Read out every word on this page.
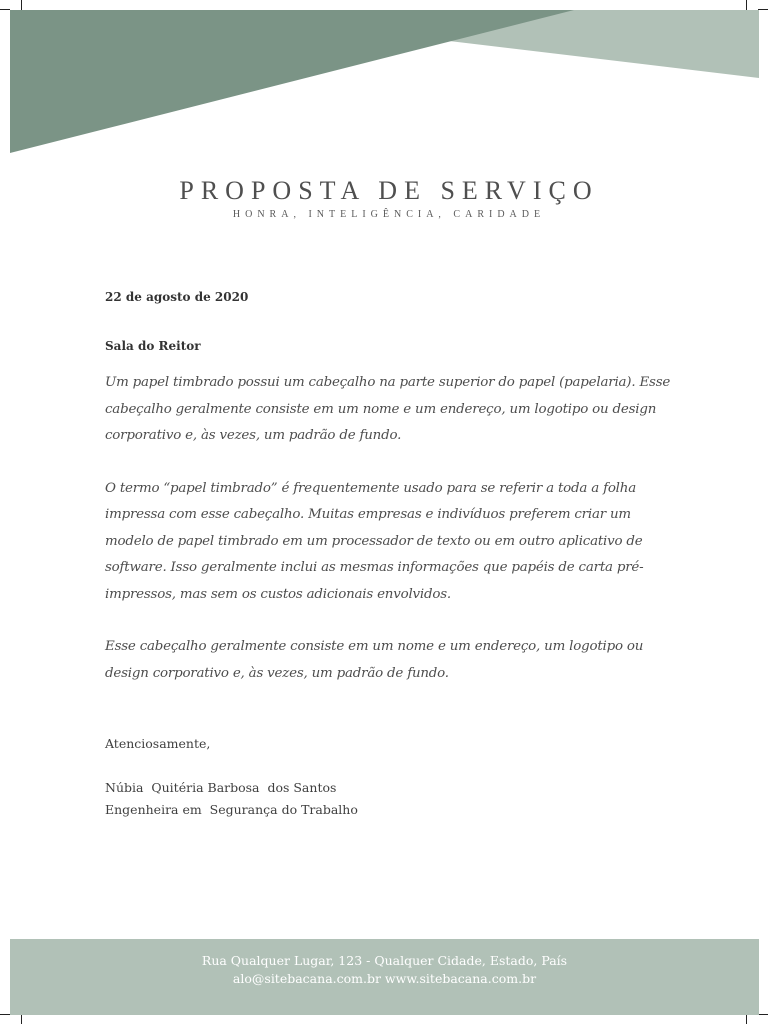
PROPOSTA DE SERVIÇO
HONRA, INTELIGÊNCIA, CARIDADE
22 de agosto de 2020
Sala do Reitor

Um papel timbrado possui um cabeçalho na parte superior do papel (papelaria). Esse cabeçalho geralmente consiste em um nome e um endereço, um logotipo ou design corporativo e, às vezes, um padrão de fundo.

O termo “papel timbrado” é frequentemente usado para se referir a toda a folha impressa com esse cabeçalho. Muitas empresas e indivíduos preferem criar um modelo de papel timbrado em um processador de texto ou em outro aplicativo de software. Isso geralmente inclui as mesmas informações que papéis de carta pré-impressos, mas sem os custos adicionais envolvidos.

Esse cabeçalho geralmente consiste em um nome e um endereço, um logotipo ou design corporativo e, às vezes, um padrão de fundo.

Atenciosamente,
Núbia  Quitéria Barbosa  dos Santos
Engenheira em  Segurança do Trabalho
Rua Qualquer Lugar, 123 - Qualquer Cidade, Estado, País
alo@sitebacana.com.br www.sitebacana.com.br
